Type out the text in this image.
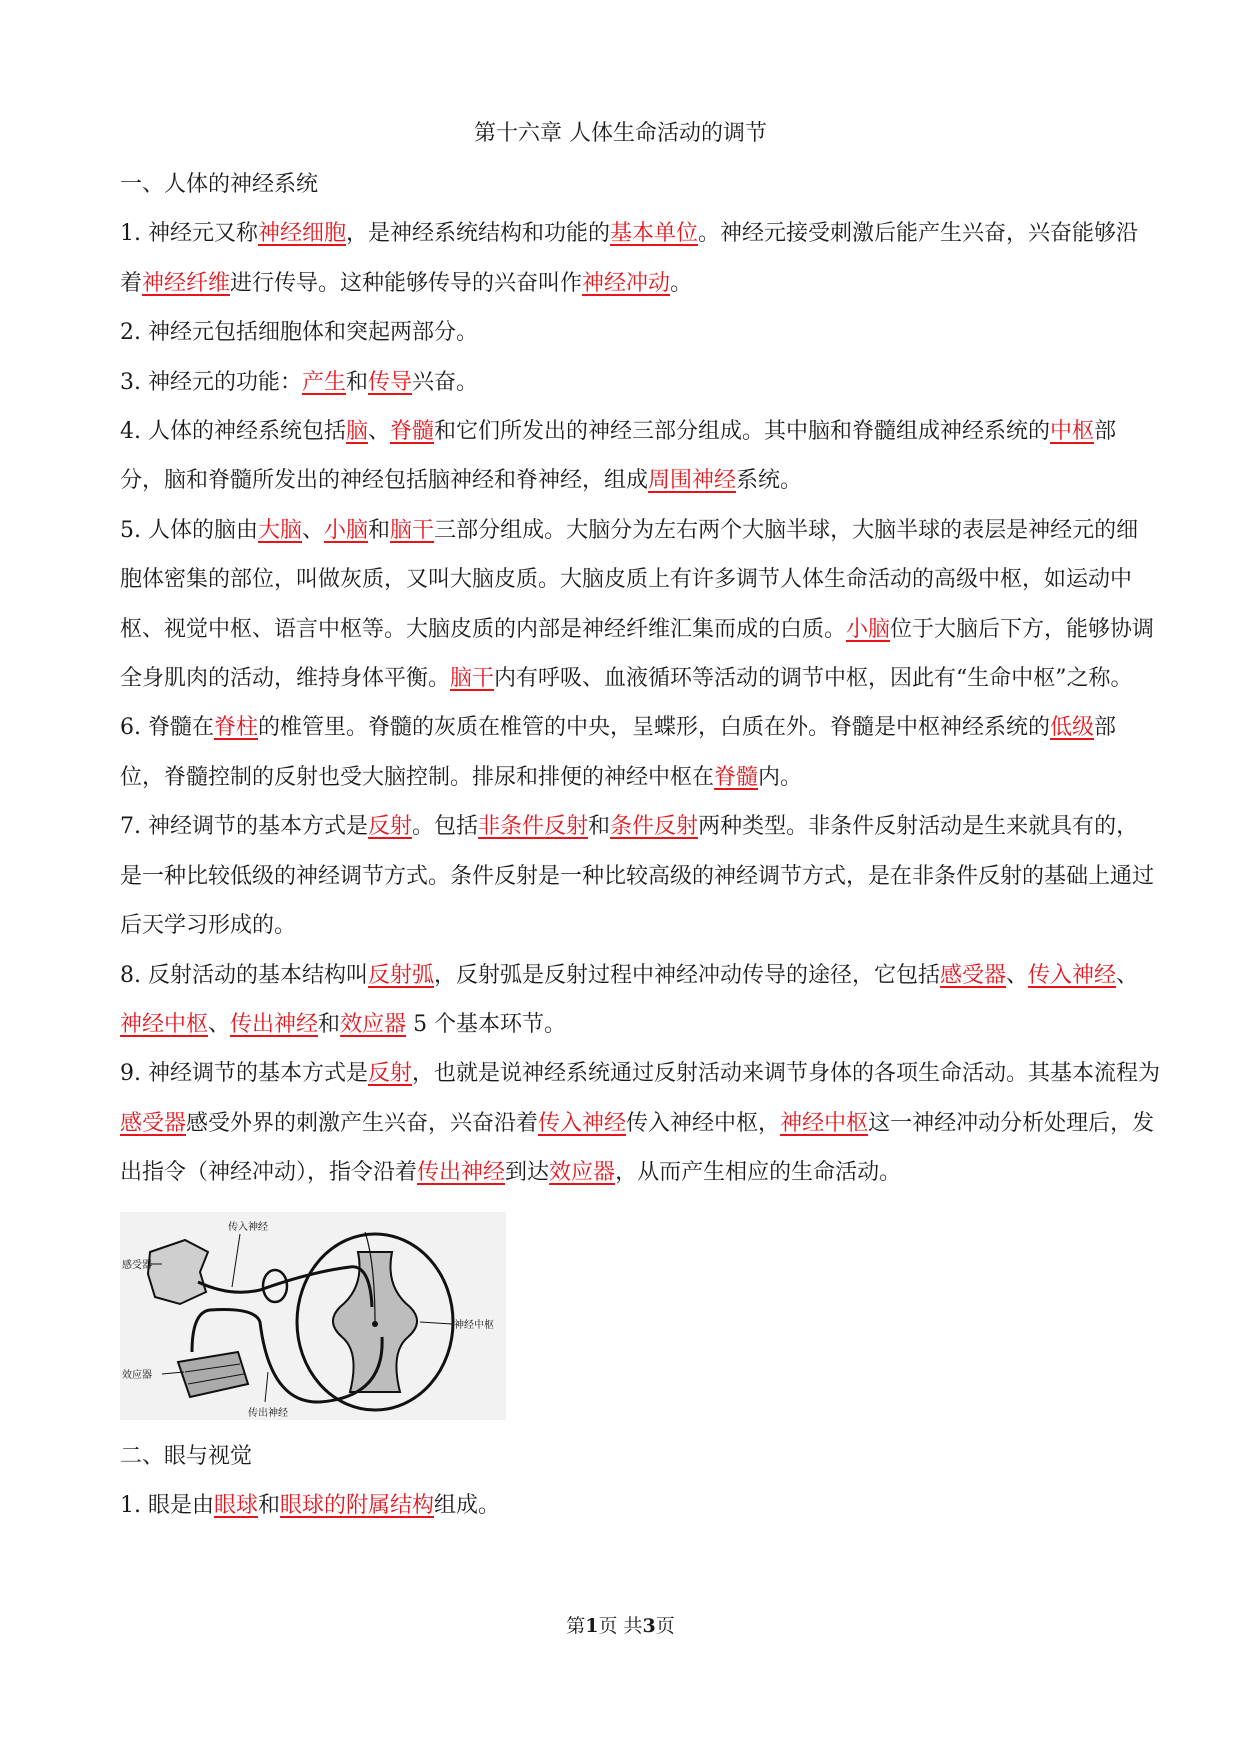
第十六章 人体生命活动的调节

一、人体的神经系统

1. 神经元又称神经细胞，是神经系统结构和功能的基本单位。神经元接受刺激后能产生兴奋，兴奋能够沿着神经纤维进行传导。这种能够传导的兴奋叫作神经冲动。

2. 神经元包括细胞体和突起两部分。

3. 神经元的功能：产生和传导兴奋。

4. 人体的神经系统包括脑、脊髓和它们所发出的神经三部分组成。其中脑和脊髓组成神经系统的中枢部分，脑和脊髓所发出的神经包括脑神经和脊神经，组成周围神经系统。

5. 人体的脑由大脑、小脑和脑干三部分组成。大脑分为左右两个大脑半球，大脑半球的表层是神经元的细胞体密集的部位，叫做灰质，又叫大脑皮质。大脑皮质上有许多调节人体生命活动的高级中枢，如运动中枢、视觉中枢、语言中枢等。大脑皮质的内部是神经纤维汇集而成的白质。小脑位于大脑后下方，能够协调全身肌肉的活动，维持身体平衡。脑干内有呼吸、血液循环等活动的调节中枢，因此有“生命中枢”之称。

6. 脊髓在脊柱的椎管里。脊髓的灰质在椎管的中央，呈蝶形，白质在外。脊髓是中枢神经系统的低级部位，脊髓控制的反射也受大脑控制。排尿和排便的神经中枢在脊髓内。

7. 神经调节的基本方式是反射。包括非条件反射和条件反射两种类型。非条件反射活动是生来就具有的，是一种比较低级的神经调节方式。条件反射是一种比较高级的神经调节方式，是在非条件反射的基础上通过后天学习形成的。

8. 反射活动的基本结构叫反射弧，反射弧是反射过程中神经冲动传导的途径，它包括感受器、传入神经、神经中枢、传出神经和效应器 5 个基本环节。

9. 神经调节的基本方式是反射，也就是说神经系统通过反射活动来调节身体的各项生命活动。其基本流程为感受器感受外界的刺激产生兴奋，兴奋沿着传入神经传入神经中枢，神经中枢这一神经冲动分析处理后，发出指令（神经冲动），指令沿着传出神经到达效应器，从而产生相应的生命活动。

感受器
传入神经
神经中枢
效应器
传出神经

二、眼与视觉

1. 眼是由眼球和眼球的附属结构组成。

第1页 共3页
